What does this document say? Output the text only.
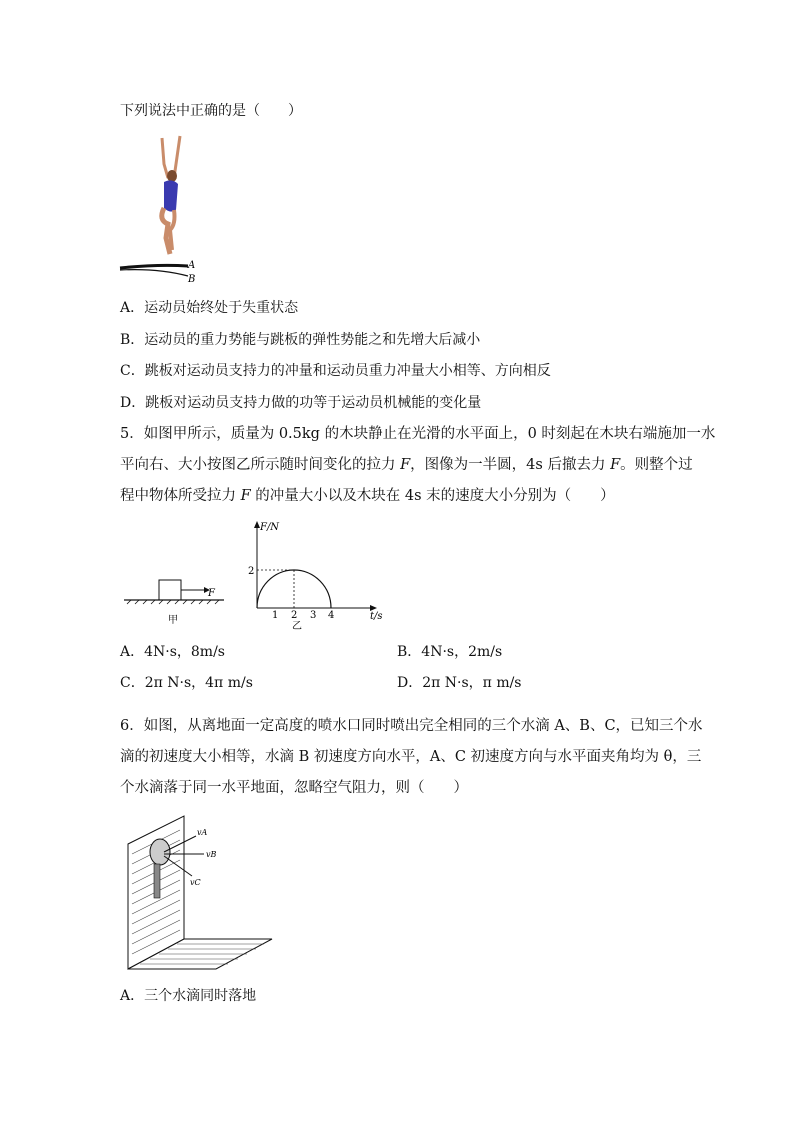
下列说法中正确的是（　　）
A
B
A．运动员始终处于失重状态
B．运动员的重力势能与跳板的弹性势能之和先增大后减小
C．跳板对运动员支持力的冲量和运动员重力冲量大小相等、方向相反
D．跳板对运动员支持力做的功等于运动员机械能的变化量
5．如图甲所示，质量为 0.5kg 的木块静止在光滑的水平面上，0 时刻起在木块右端施加一水
平向右、大小按图乙所示随时间变化的拉力 F，图像为一半圆，4s 后撤去力 F。则整个过
程中物体所受拉力 F 的冲量大小以及木块在 4s 末的速度大小分别为（　　）
F
甲
F/N
t/s
2
1 2 3 4
乙
A．4N·s，8m/s	B．4N·s，2m/s
C．2π N·s，4π m/s	D．2π N·s，π m/s
6．如图，从离地面一定高度的喷水口同时喷出完全相同的三个水滴 A、B、C，已知三个水
滴的初速度大小相等，水滴 B 初速度方向水平，A、C 初速度方向与水平面夹角均为 θ，三
个水滴落于同一水平地面，忽略空气阻力，则（　　）
vA
vB
vC
A．三个水滴同时落地
